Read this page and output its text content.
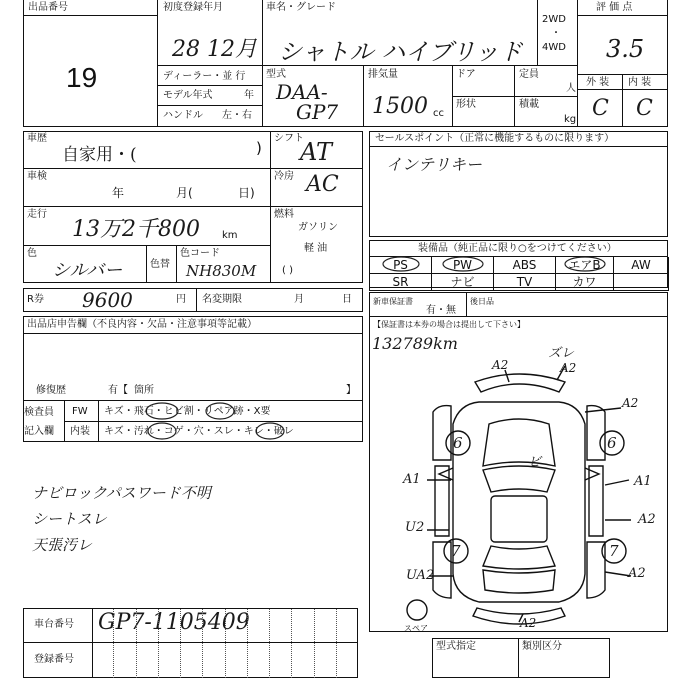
出品番号
19
初度登録年月
28 12月
車名・グレード
シャトル ハイブリッド
2WD
・
4WD
評 価 点
3.5
外 装 内 装
C C
ディーラー・並 行
モデル年式	年
ハンドル 左・右
型式
DAA-
GP7
排気量
1500 cc
ドア	定員
人
形状	積載
kg
車歴
自家用・(	)
シフト
AT
車検
年	月(	日)
冷房 AC
走行
13万2千800 km
燃料
ガソリン
軽 油
( )
色
シルバー	色替
色コード
NH830M
セールスポイント（正常に機能するものに限ります）
インテリキー
装備品（純正品に限り○をつけてください）
PS	PW	ABS	エアB	AW
SR	ナビ	TV	カワ
R券 9600	円 名変期限	月	日	新車保証書
有・無
後日品
【保証書は本券の場合は提出して下さい】
132789km
A2	A2
ズレ
A2
ビ
A1
U2
UA2
A1
A2
A2
A2
6	6
7	7
スペア
出品店申告欄（不良内容・欠品・注意事項等記載）
修復歴	有【 箇所	】
検査員
記入欄
FW キズ・飛石・ヒビ割・リペア跡・X要
内装 キズ・汚れ・コゲ・穴・スレ・キレ・破レ
ナビロックパスワード不明
シートスレ
天張汚レ
車台番号 GP7-1105409
登録番号
型式指定	類別区分
